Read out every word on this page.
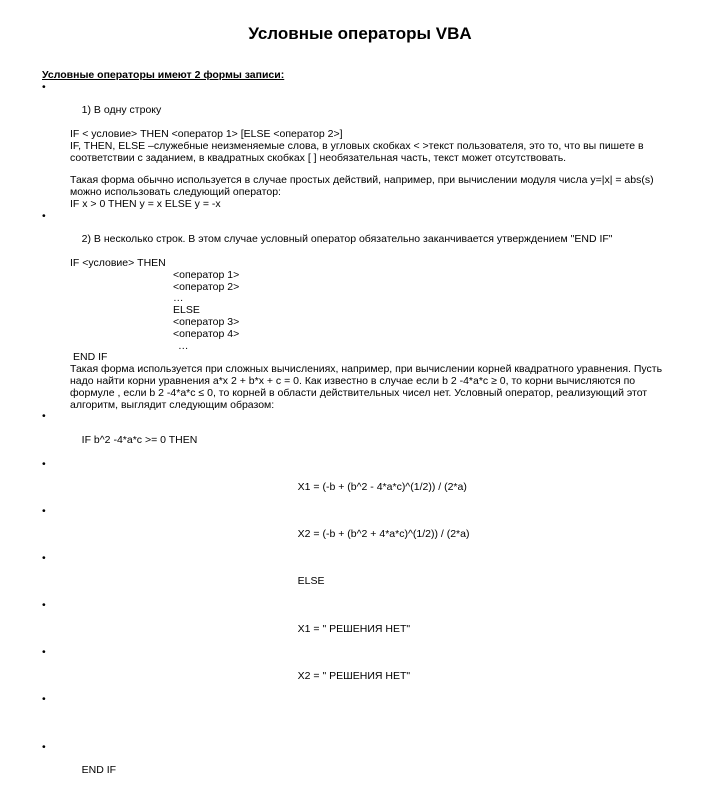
Условные операторы VBA
Условные операторы имеют 2 формы записи:

•

1) В одну строку

IF < условие> THEN <оператор 1> [ELSE <оператор 2>]
IF, THEN, ELSE –служебные неизменяемые слова, в угловых скобках < >текст пользователя, это то, что вы пишете в соответствии с заданием, в квадратных скобках [ ] необязательная часть, текст может отсутствовать.
Такая форма обычно используется в случае простых действий, например, при вычислении модуля числа y=|x| = abs(s) можно использовать следующий оператор:
IF x > 0 THEN y = x ELSE y = -x

•

2) В несколько строк. В этом случае условный оператор обязательно заканчивается утверждением "END IF"

IF <условие> THEN
<оператор 1>
<оператор 2>
…
ELSE
<оператор 3>
<оператор 4>
…
END IF
Такая форма используется при сложных вычислениях, например, при вычислении корней квадратного уравнения. Пусть надо найти корни уравнения a*x 2 + b*x + c = 0. Как известно в случае если b 2 -4*a*c ≥ 0, то корни вычисляются по формуле , если b 2 -4*a*c ≤ 0, то корней в области действительных чисел нет. Условный оператор, реализующий этот алгоритм, выглядит следующим образом:

•

IF b^2 -4*a*c >= 0 THEN

•

X1 = (-b + (b^2 - 4*a*c)^(1/2)) / (2*a)

•

X2 = (-b + (b^2 + 4*a*c)^(1/2)) / (2*a)

•

ELSE

•

X1 = " РЕШЕНИЯ НЕТ"

•

X2 = " РЕШЕНИЯ НЕТ"

•

•

END IF
